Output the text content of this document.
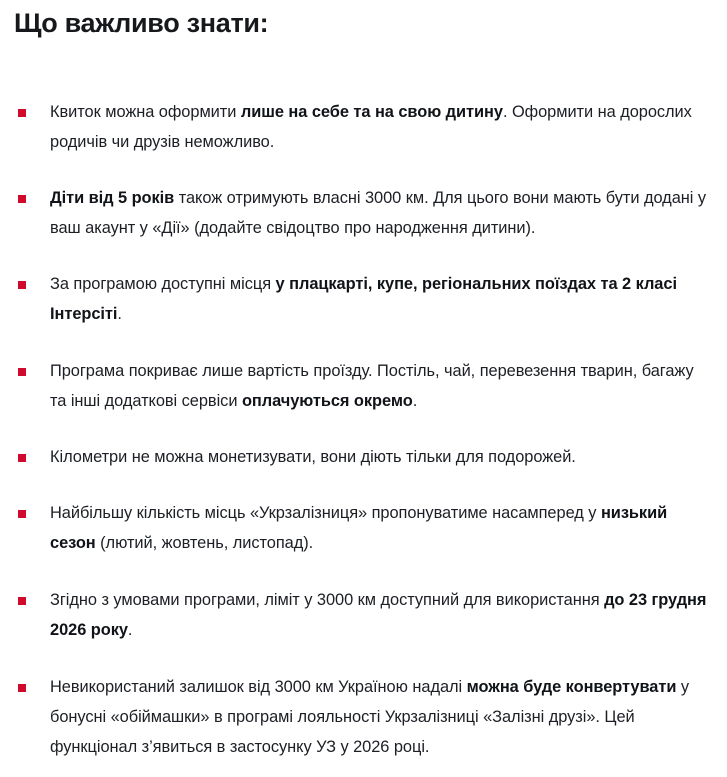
Що важливо знати:
Квиток можна оформити лише на себе та на свою дитину. Оформити на дорослих родичів чи друзів неможливо.
Діти від 5 років також отримують власні 3000 км. Для цього вони мають бути додані у ваш акаунт у «Дії» (додайте свідоцтво про народження дитини).
За програмою доступні місця у плацкарті, купе, регіональних поїздах та 2 класі Інтерсіті.
Програма покриває лише вартість проїзду. Постіль, чай, перевезення тварин, багажу та інші додаткові сервіси оплачуються окремо.
Кілометри не можна монетизувати, вони діють тільки для подорожей.
Найбільшу кількість місць «Укрзалізниця» пропонуватиме насамперед у низький сезон (лютий, жовтень, листопад).
Згідно з умовами програми, ліміт у 3000 км доступний для використання до 23 грудня 2026 року.
Невикористаний залишок від 3000 км Україною надалі можна буде конвертувати у бонусні «обіймашки» в програмі лояльності Укрзалізниці «Залізні друзі». Цей функціонал з’явиться в застосунку УЗ у 2026 році.
